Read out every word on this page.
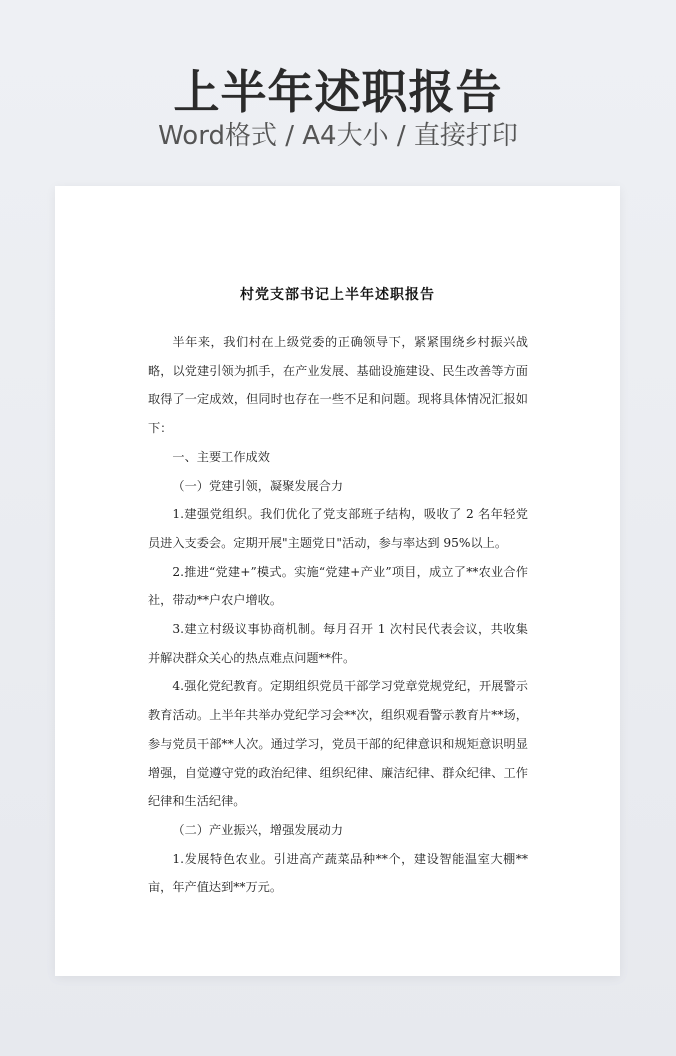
上半年述职报告
Word格式 / A4大小 / 直接打印
村党支部书记上半年述职报告

半年来，我们村在上级党委的正确领导下，紧紧围绕乡村振兴战略，以党建引领为抓手，在产业发展、基础设施建设、民生改善等方面取得了一定成效，但同时也存在一些不足和问题。现将具体情况汇报如下：

一、主要工作成效

（一）党建引领，凝聚发展合力

1.建强党组织。我们优化了党支部班子结构，吸收了 2 名年轻党员进入支委会。定期开展"主题党日"活动，参与率达到 95%以上。

2.推进“党建+”模式。实施“党建+产业”项目，成立了**农业合作社，带动**户农户增收。

3.建立村级议事协商机制。每月召开 1 次村民代表会议，共收集并解决群众关心的热点难点问题**件。

4.强化党纪教育。定期组织党员干部学习党章党规党纪，开展警示教育活动。上半年共举办党纪学习会**次，组织观看警示教育片**场，参与党员干部**人次。通过学习，党员干部的纪律意识和规矩意识明显增强，自觉遵守党的政治纪律、组织纪律、廉洁纪律、群众纪律、工作纪律和生活纪律。

（二）产业振兴，增强发展动力

1.发展特色农业。引进高产蔬菜品种**个，建设智能温室大棚**亩，年产值达到**万元。
